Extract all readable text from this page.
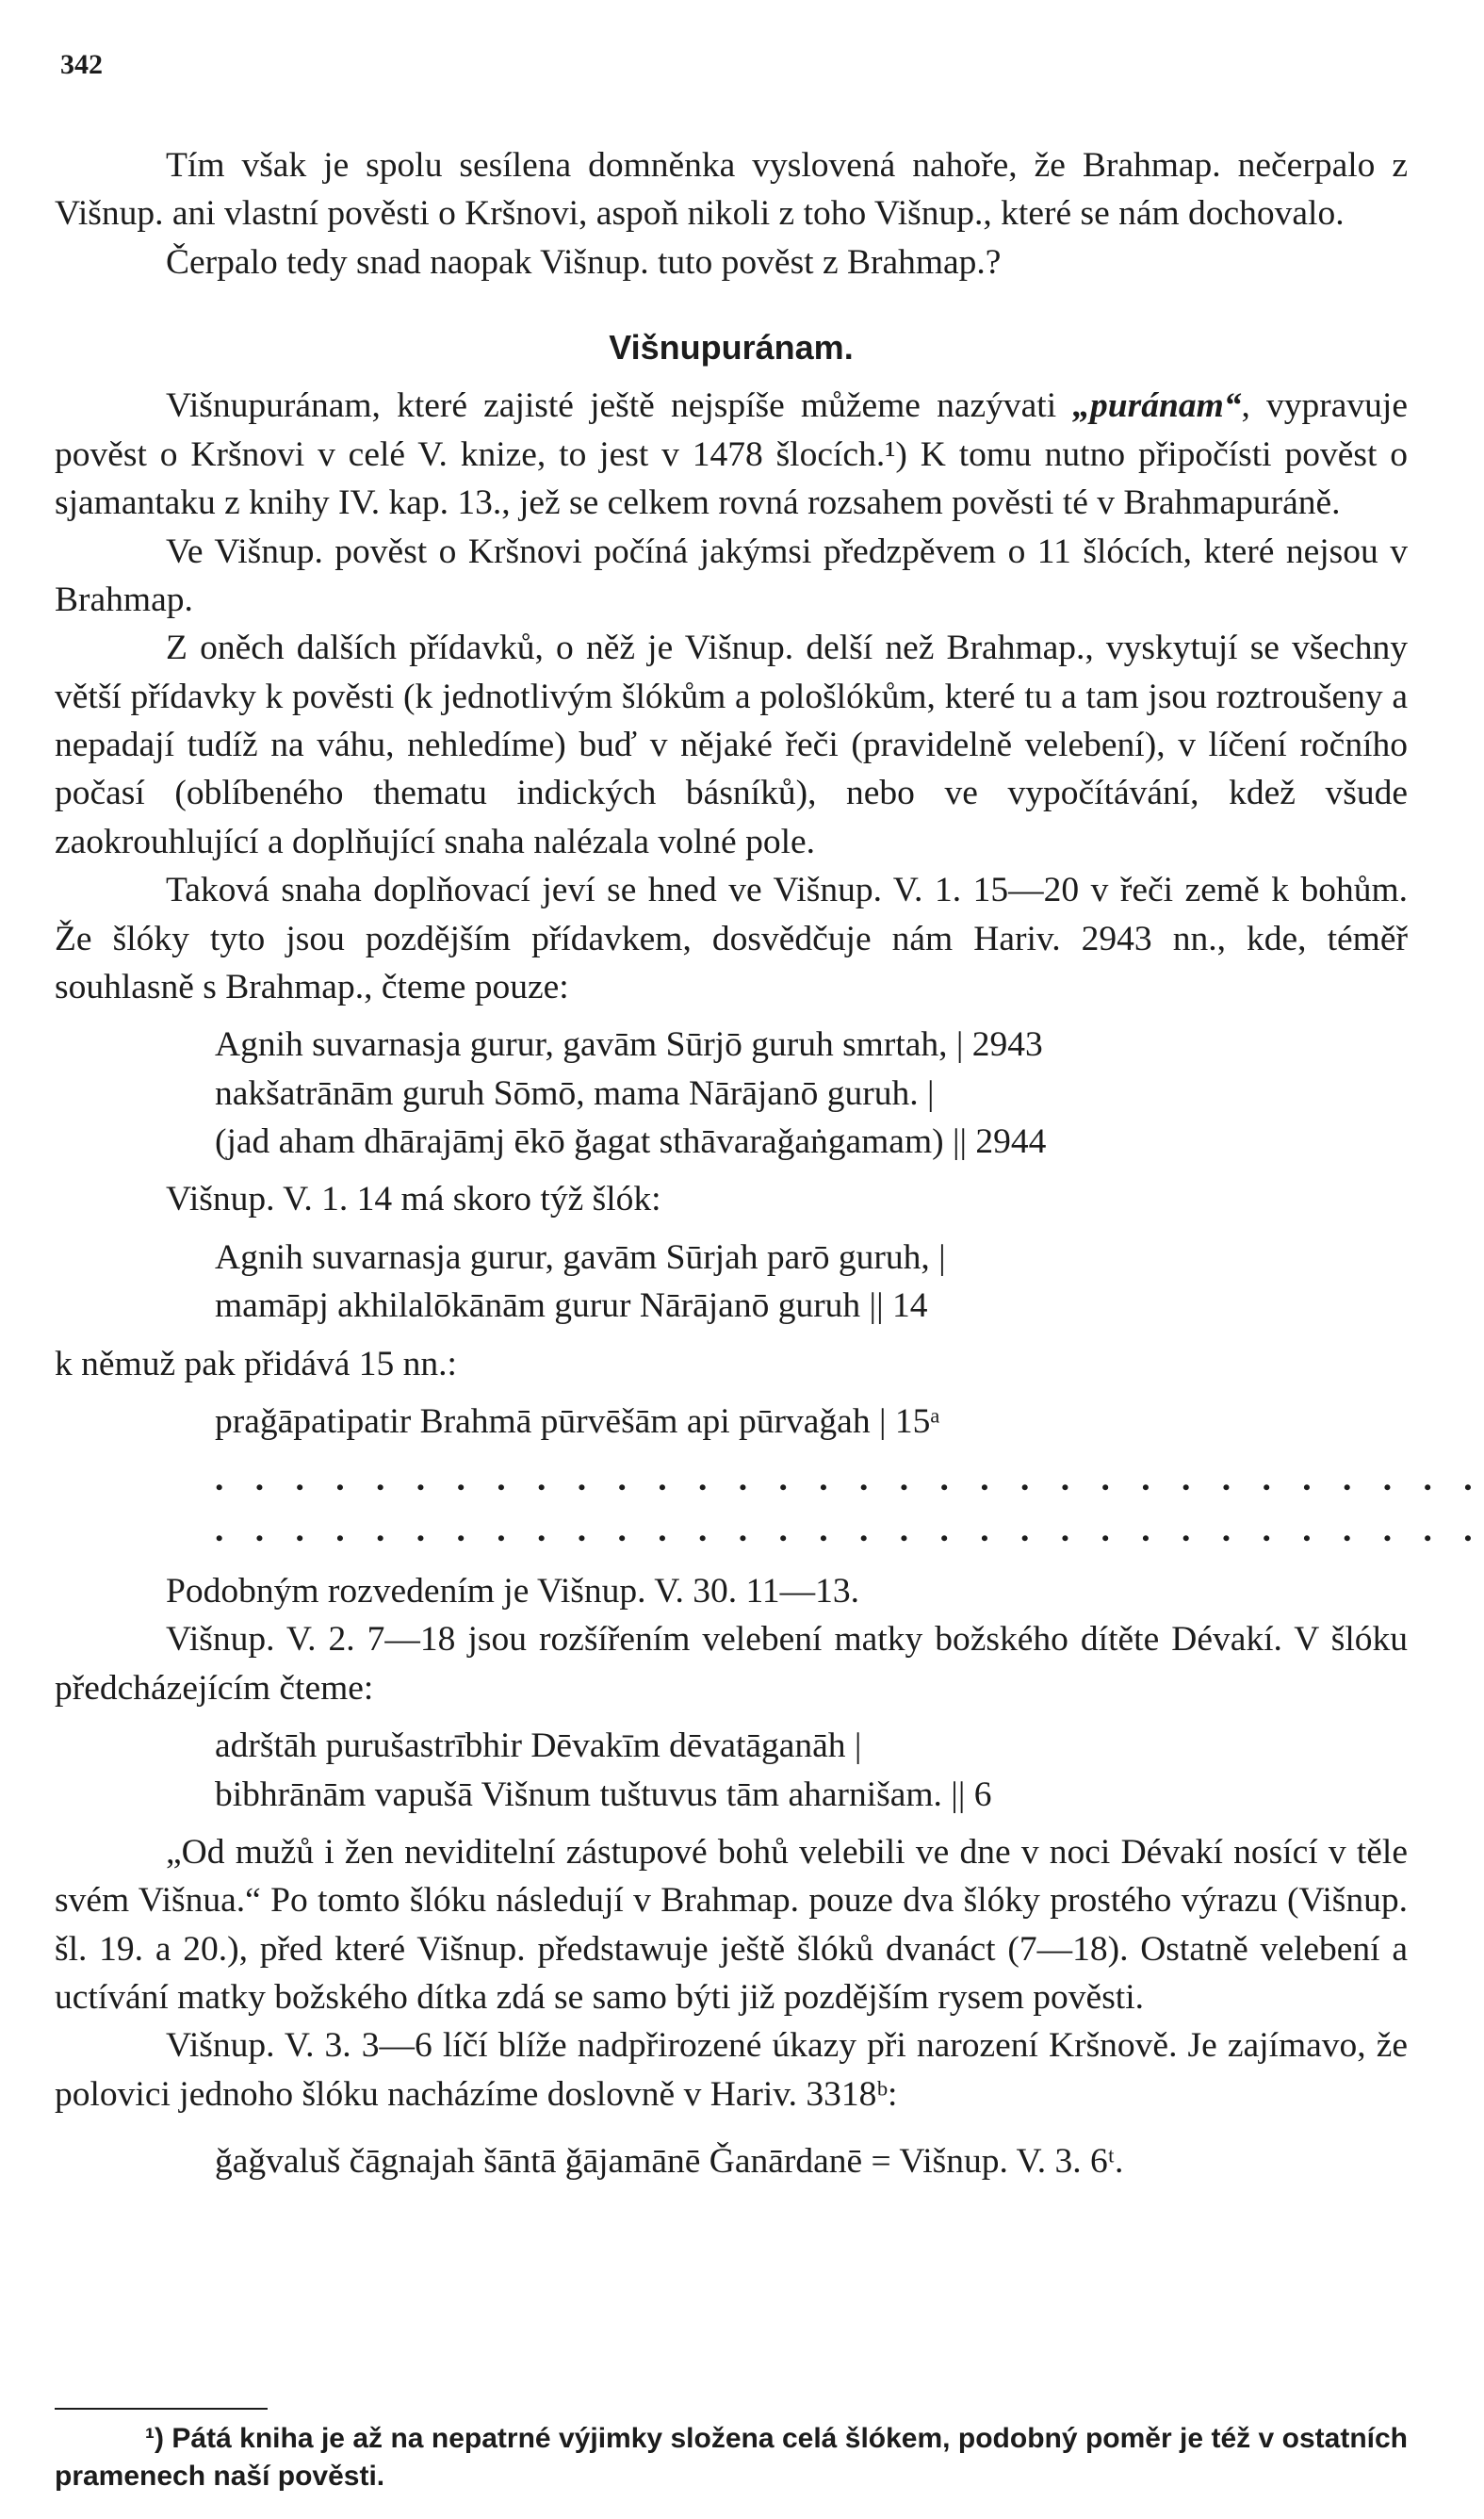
342

Tím však je spolu sesílena domněnka vyslovená nahoře, že Brahmap. nečerpalo z Višnup. ani vlastní pověsti o Kršnovi, aspoň nikoli z toho Višnup., které se nám dochovalo.

Čerpalo tedy snad naopak Višnup. tuto pověst z Brahmap.?

Višnupuránam.

Višnupuránam, které zajisté ještě nejspíše můžeme nazývati „puránam“, vypravuje pověst o Kršnovi v celé V. knize, to jest v 1478 šlocích.¹) K tomu nutno připočísti pověst o sjamantaku z knihy IV. kap. 13., jež se celkem rovná rozsahem pověsti té v Brahmapuráně.

Ve Višnup. pověst o Kršnovi počíná jakýmsi předzpěvem o 11 šlócích, které nejsou v Brahmap.

Z oněch dalších přídavků, o něž je Višnup. delší než Brahmap., vyskytují se všechny větší přídavky k pověsti (k jednotlivým šlókům a pološlókům, které tu a tam jsou roztroušeny a nepadají tudíž na váhu, nehledíme) buď v nějaké řeči (pravidelně velebení), v líčení ročního počasí (oblíbeného thematu indických básníků), nebo ve vypočítávání, kdež všude zaokrouhlující a doplňující snaha nalézala volné pole.

Taková snaha doplňovací jeví se hned ve Višnup. V. 1. 15—20 v řeči země k bohům. Že šlóky tyto jsou pozdějším přídavkem, dosvědčuje nám Hariv. 2943 nn., kde, téměř souhlasně s Brahmap., čteme pouze:

Agnih suvarnasja gurur, gavām Sūrjō guruh smrtah, | 2943
nakšatrānām guruh Sōmō, mama Nārājanō guruh. |
(jad aham dhārajāmj ēkō ğagat sthāvaraǧaṅgamam) || 2944

Višnup. V. 1. 14 má skoro týž šlók:

Agnih suvarnasja gurur, gavām Sūrjah parō guruh, |
mamāpj akhilalōkānām gurur Nārājanō guruh || 14

k němuž pak přidává 15 nn.:

praǧāpatipatir Brahmā pūrvēšām api pūrvaǧah | 15ᵃ
. . . . . . . . . . . . . . . . . . . . . . . . . . . . . . . .
. . . . . . . . . . . . . . . . . . . . . . . . . . . . . . . .

Podobným rozvedením je Višnup. V. 30. 11—13.

Višnup. V. 2. 7—18 jsou rozšířením velebení matky božského dítěte Dévakí. V šlóku předcházejícím čteme:

adrštāh purušastrībhir Dēvakīm dēvatāganāh |
bibhrānām vapušā Višnum tuštuvus tām aharnišam. || 6

„Od mužů i žen neviditelní zástupové bohů velebili ve dne v noci Dévakí nosící v těle svém Višnua.“ Po tomto šlóku následují v Brahmap. pouze dva šlóky prostého výrazu (Višnup. šl. 19. a 20.), před které Višnup. předstawuje ještě šlóků dvanáct (7—18). Ostatně velebení a uctívání matky božského dítka zdá se samo býti již pozdějším rysem pověsti.

Višnup. V. 3. 3—6 líčí blíže nadpřirozené úkazy při narození Kršnově. Je zajímavo, že polovici jednoho šlóku nacházíme doslovně v Hariv. 3318ᵇ:

ǧaǧvaluš čāgnajah šāntā ǧājamānē Ǧanārdanē = Višnup. V. 3. 6ᵗ.

¹) Pátá kniha je až na nepatrné výjimky složena celá šlókem, podobný poměr je též v ostatních pramenech naší pověsti.
